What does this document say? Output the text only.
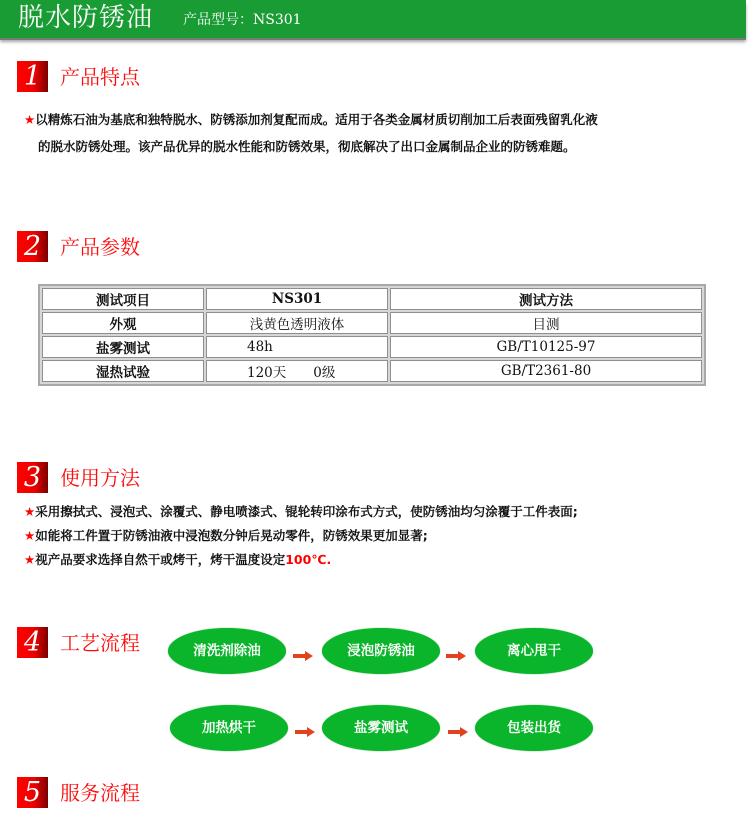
脱水防锈油 产品型号：NS301
1 产品特点
★以精炼石油为基底和独特脱水、防锈添加剂复配而成。适用于各类金属材质切削加工后表面残留乳化液
的脱水防锈处理。该产品优异的脱水性能和防锈效果，彻底解决了出口金属制品企业的防锈难题。
2 产品参数
测试项目	NS301	测试方法
外观	浅黄色透明液体	目测
盐雾测试	48h	GB/T10125-97
湿热试验	120天　　0级	GB/T2361-80
3 使用方法
★采用擦拭式、浸泡式、涂覆式、静电喷漆式、锟轮转印涂布式方式，使防锈油均匀涂覆于工件表面;
★如能将工件置于防锈油液中浸泡数分钟后晃动零件，防锈效果更加显著;
★视产品要求选择自然干或烤干，烤干温度设定100℃.
4 工艺流程	清洗剂除油	浸泡防锈油	离心甩干
加热烘干	盐雾测试	包装出货
5 服务流程
